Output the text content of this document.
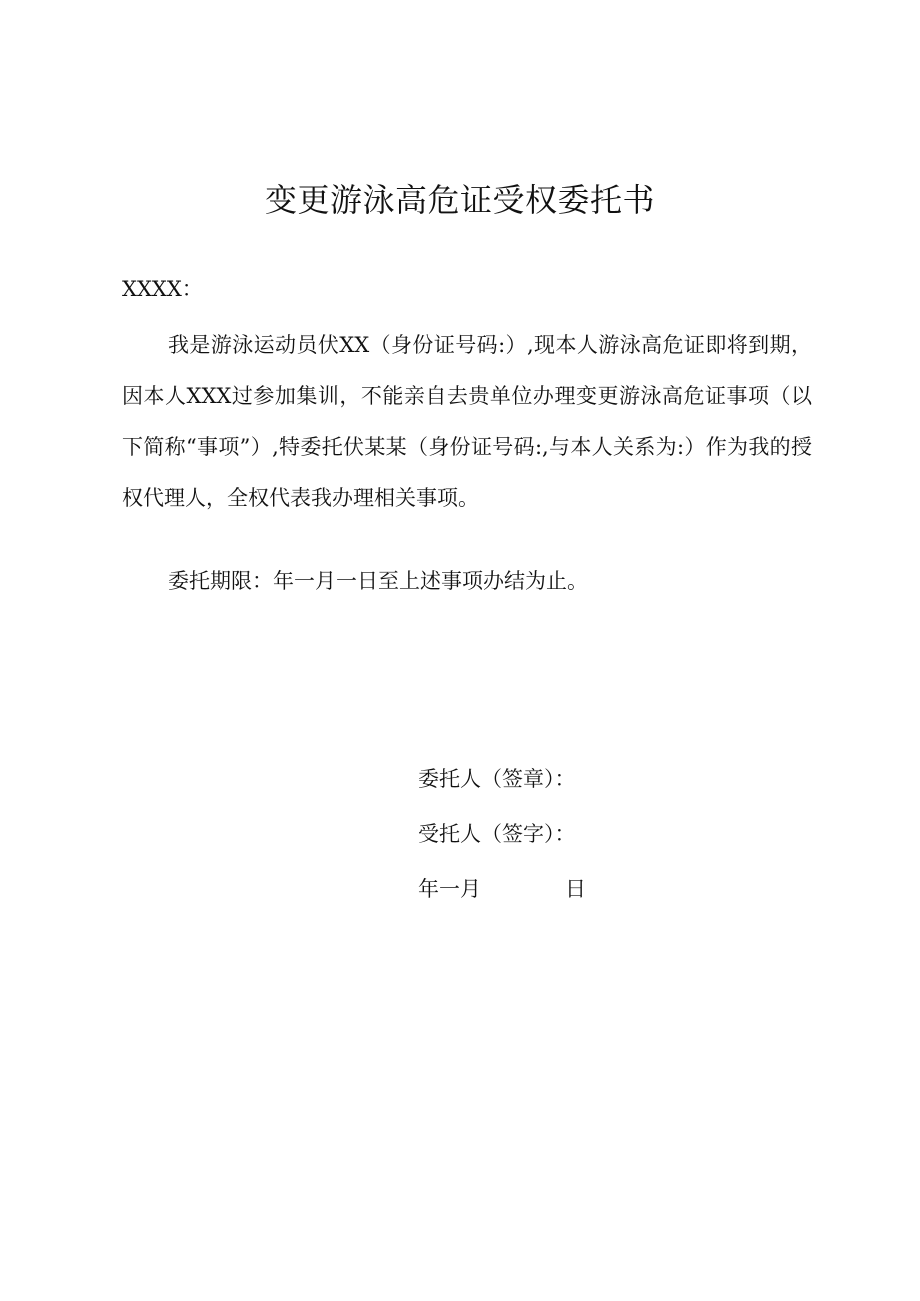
变更游泳高危证受权委托书
XXXX：

我是游泳运动员伏XX（身份证号码:）,现本人游泳高危证即将到期，因本人XXX过参加集训，不能亲自去贵单位办理变更游泳高危证事项（以下简称“事项”）,特委托伏某某（身份证号码:,与本人关系为:）作为我的授权代理人，全权代表我办理相关事项。

委托期限：年一月一日至上述事项办结为止。

委托人（签章）：
受托人（签字）：
年一月	日
